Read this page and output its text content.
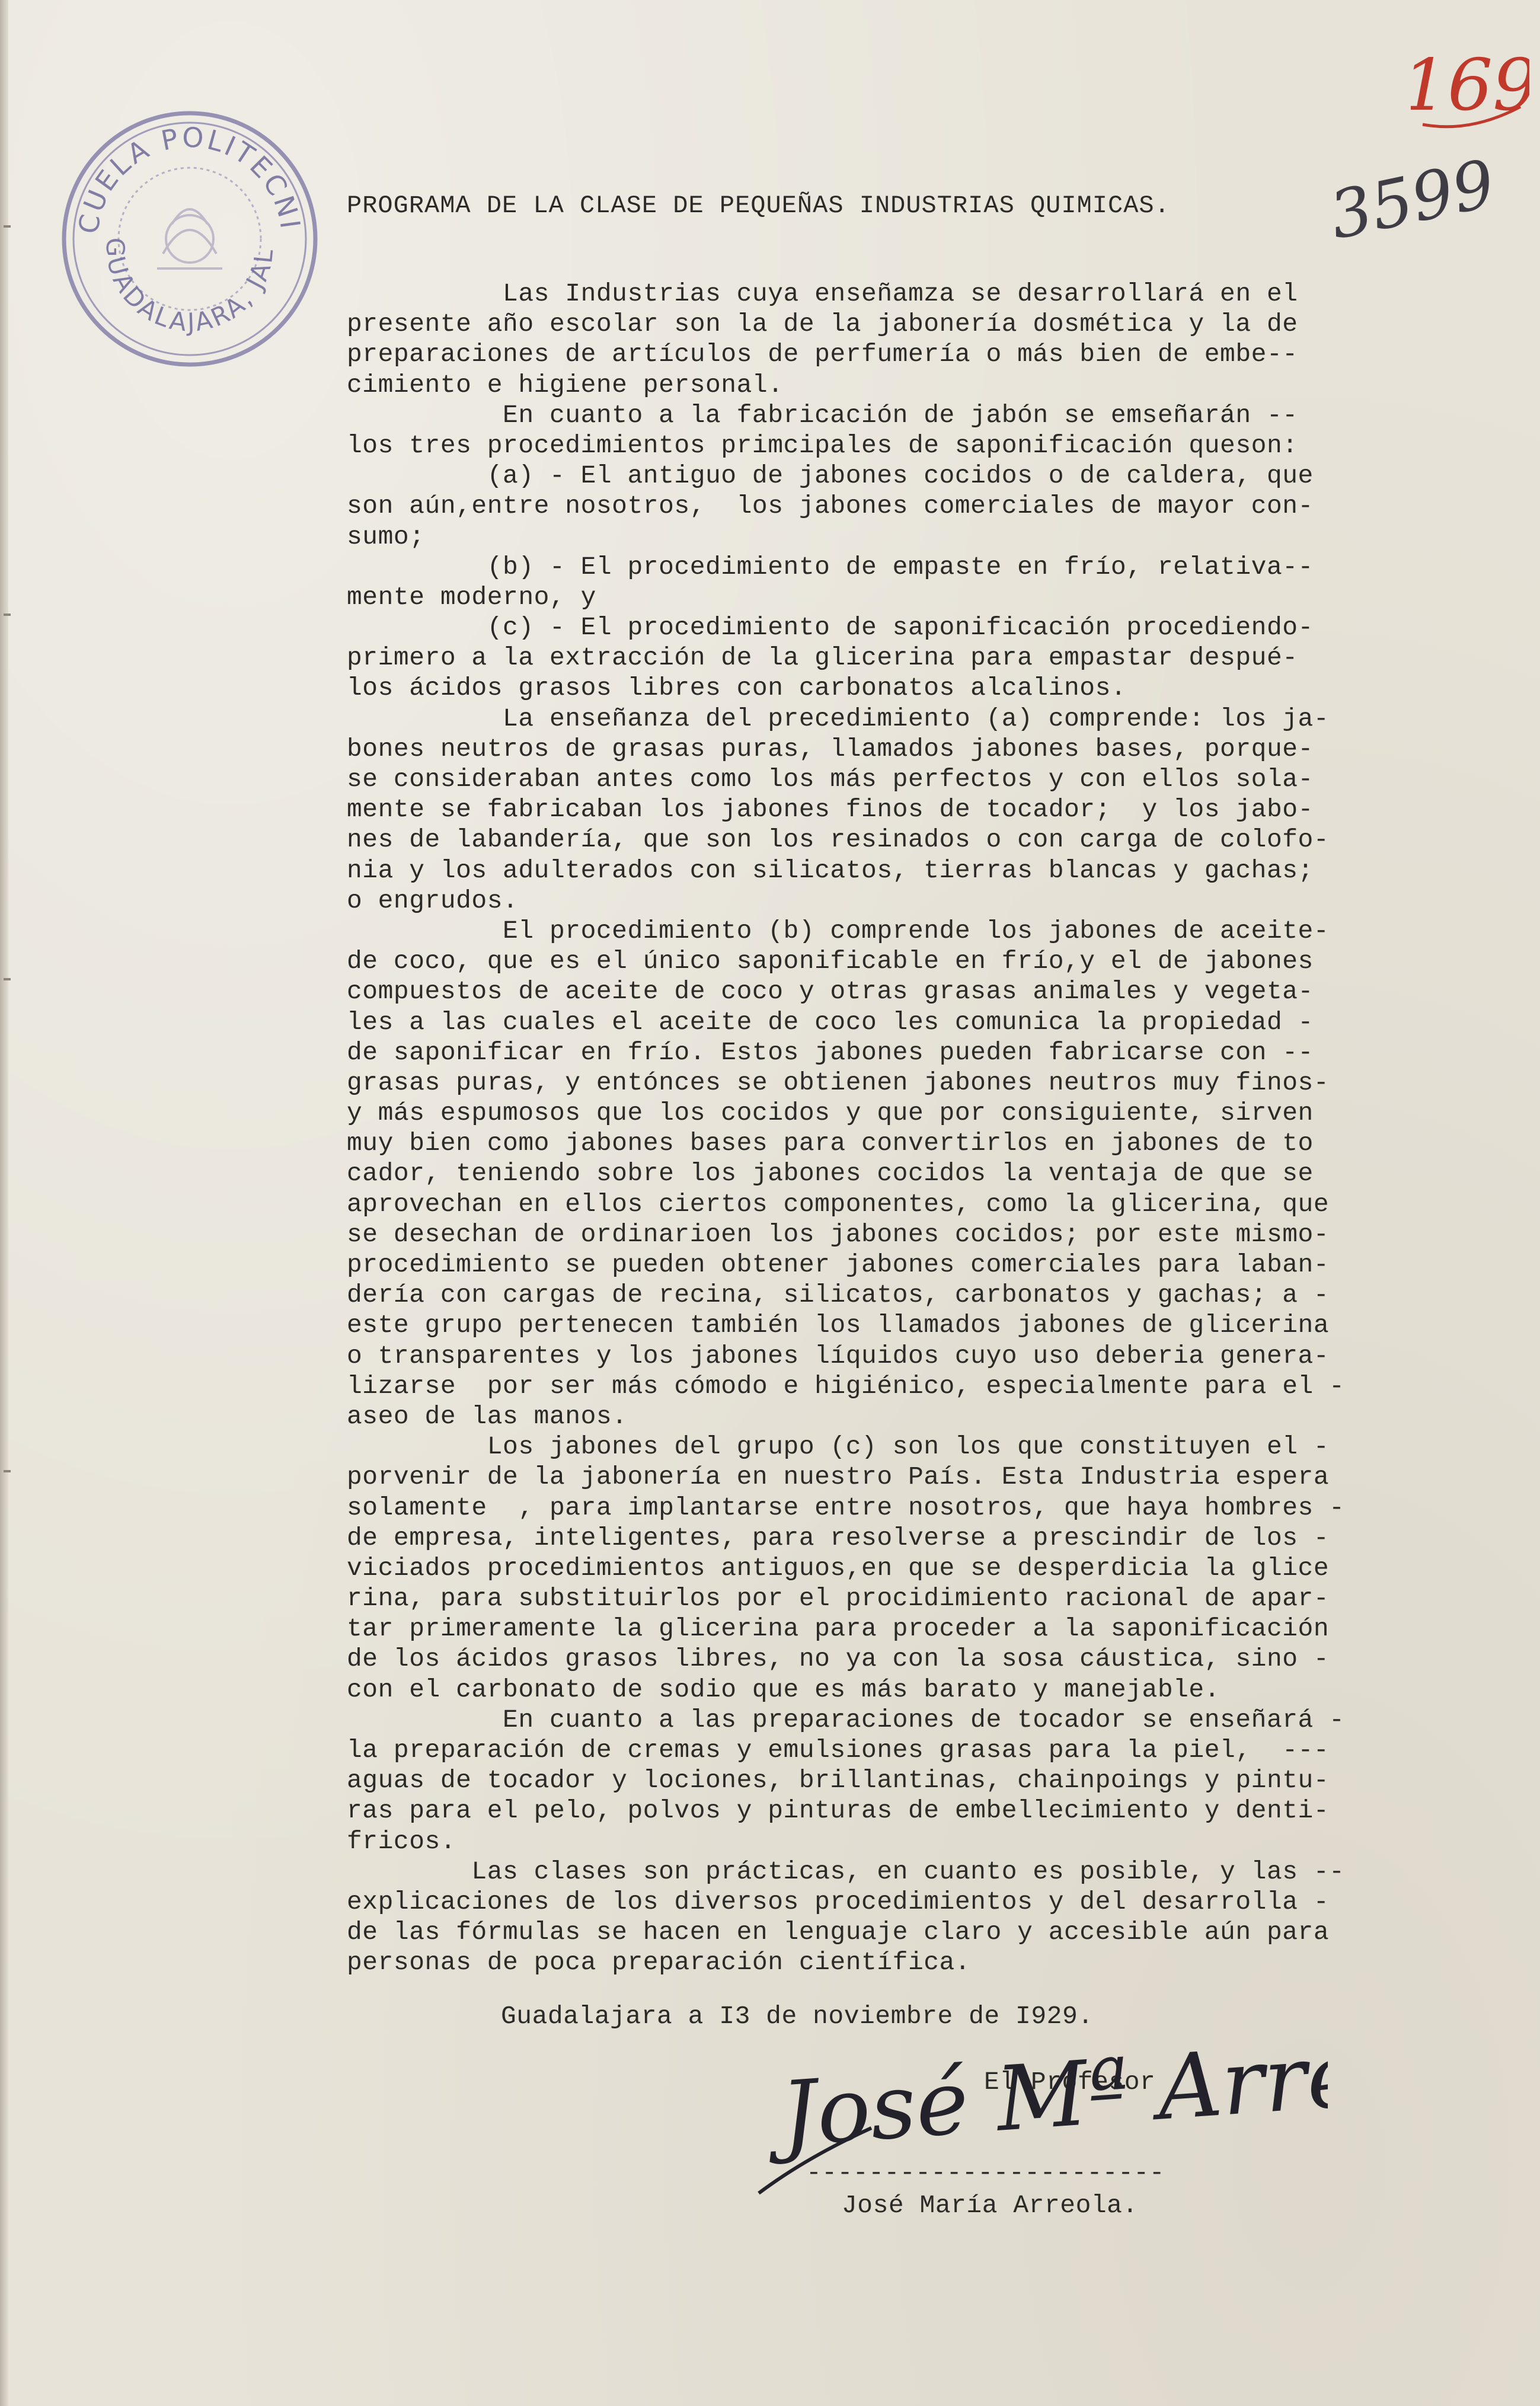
CUELA POLITECNI
GUADALAJARA, JAL
69
3599
PROGRAMA DE LA CLASE DE PEQUEÑAS INDUSTRIAS QUIMICAS.
Las Industrias cuya enseñamza se desarrollará en el
presente año escolar son la de la jabonería dosmética y la de
preparaciones de artículos de perfumería o más bien de embe--
cimiento e higiene personal.
En cuanto a la fabricación de jabón se emseñarán --
los tres procedimientos primcipales de saponificación queson:
(a) - El antiguo de jabones cocidos o de caldera, que
son aún,entre nosotros,  los jabones comerciales de mayor con-
sumo;
(b) - El procedimiento de empaste en frío, relativa--
mente moderno, y
(c) - El procedimiento de saponificación procediendo-
primero a la extracción de la glicerina para empastar despué-
los ácidos grasos libres con carbonatos alcalinos.
La enseñanza del precedimiento (a) comprende: los ja-
bones neutros de grasas puras, llamados jabones bases, porque-
se consideraban antes como los más perfectos y con ellos sola-
mente se fabricaban los jabones finos de tocador;  y los jabo-
nes de labandería, que son los resinados o con carga de colofo-
nia y los adulterados con silicatos, tierras blancas y gachas;
o engrudos.
El procedimiento (b) comprende los jabones de aceite-
de coco, que es el único saponificable en frío,y el de jabones
compuestos de aceite de coco y otras grasas animales y vegeta-
les a las cuales el aceite de coco les comunica la propiedad -
de saponificar en frío. Estos jabones pueden fabricarse con --
grasas puras, y entónces se obtienen jabones neutros muy finos-
y más espumosos que los cocidos y que por consiguiente, sirven
muy bien como jabones bases para convertirlos en jabones de to
cador, teniendo sobre los jabones cocidos la ventaja de que se
aprovechan en ellos ciertos componentes, como la glicerina, que
se desechan de ordinarioen los jabones cocidos; por este mismo-
procedimiento se pueden obtener jabones comerciales para laban-
dería con cargas de recina, silicatos, carbonatos y gachas; a -
este grupo pertenecen también los llamados jabones de glicerina
o transparentes y los jabones líquidos cuyo uso deberia genera-
lizarse  por ser más cómodo e higiénico, especialmente para el -
aseo de las manos.
Los jabones del grupo (c) son los que constituyen el -
porvenir de la jabonería en nuestro País. Esta Industria espera
solamente  , para implantarse entre nosotros, que haya hombres -
de empresa, inteligentes, para resolverse a prescindir de los -
viciados procedimientos antiguos,en que se desperdicia la glice
rina, para substituirlos por el procidimiento racional de apar-
tar primeramente la glicerina para proceder a la saponificación
de los ácidos grasos libres, no ya con la sosa cáustica, sino -
con el carbonato de sodio que es más barato y manejable.
En cuanto a las preparaciones de tocador se enseñará -
la preparación de cremas y emulsiones grasas para la piel,  ---
aguas de tocador y lociones, brillantinas, chainpoings y pintu-
ras para el pelo, polvos y pinturas de embellecimiento y denti-
fricos.
Las clases son prácticas, en cuanto es posible, y las --
explicaciones de los diversos procedimientos y del desarrolla -
de las fórmulas se hacen en lenguaje claro y accesible aún para
personas de poca preparación científica.
Guadalajara a I3 de noviembre de I929.
El Profesor
José Mª Arreola
-----------------------
José María Arreola.
